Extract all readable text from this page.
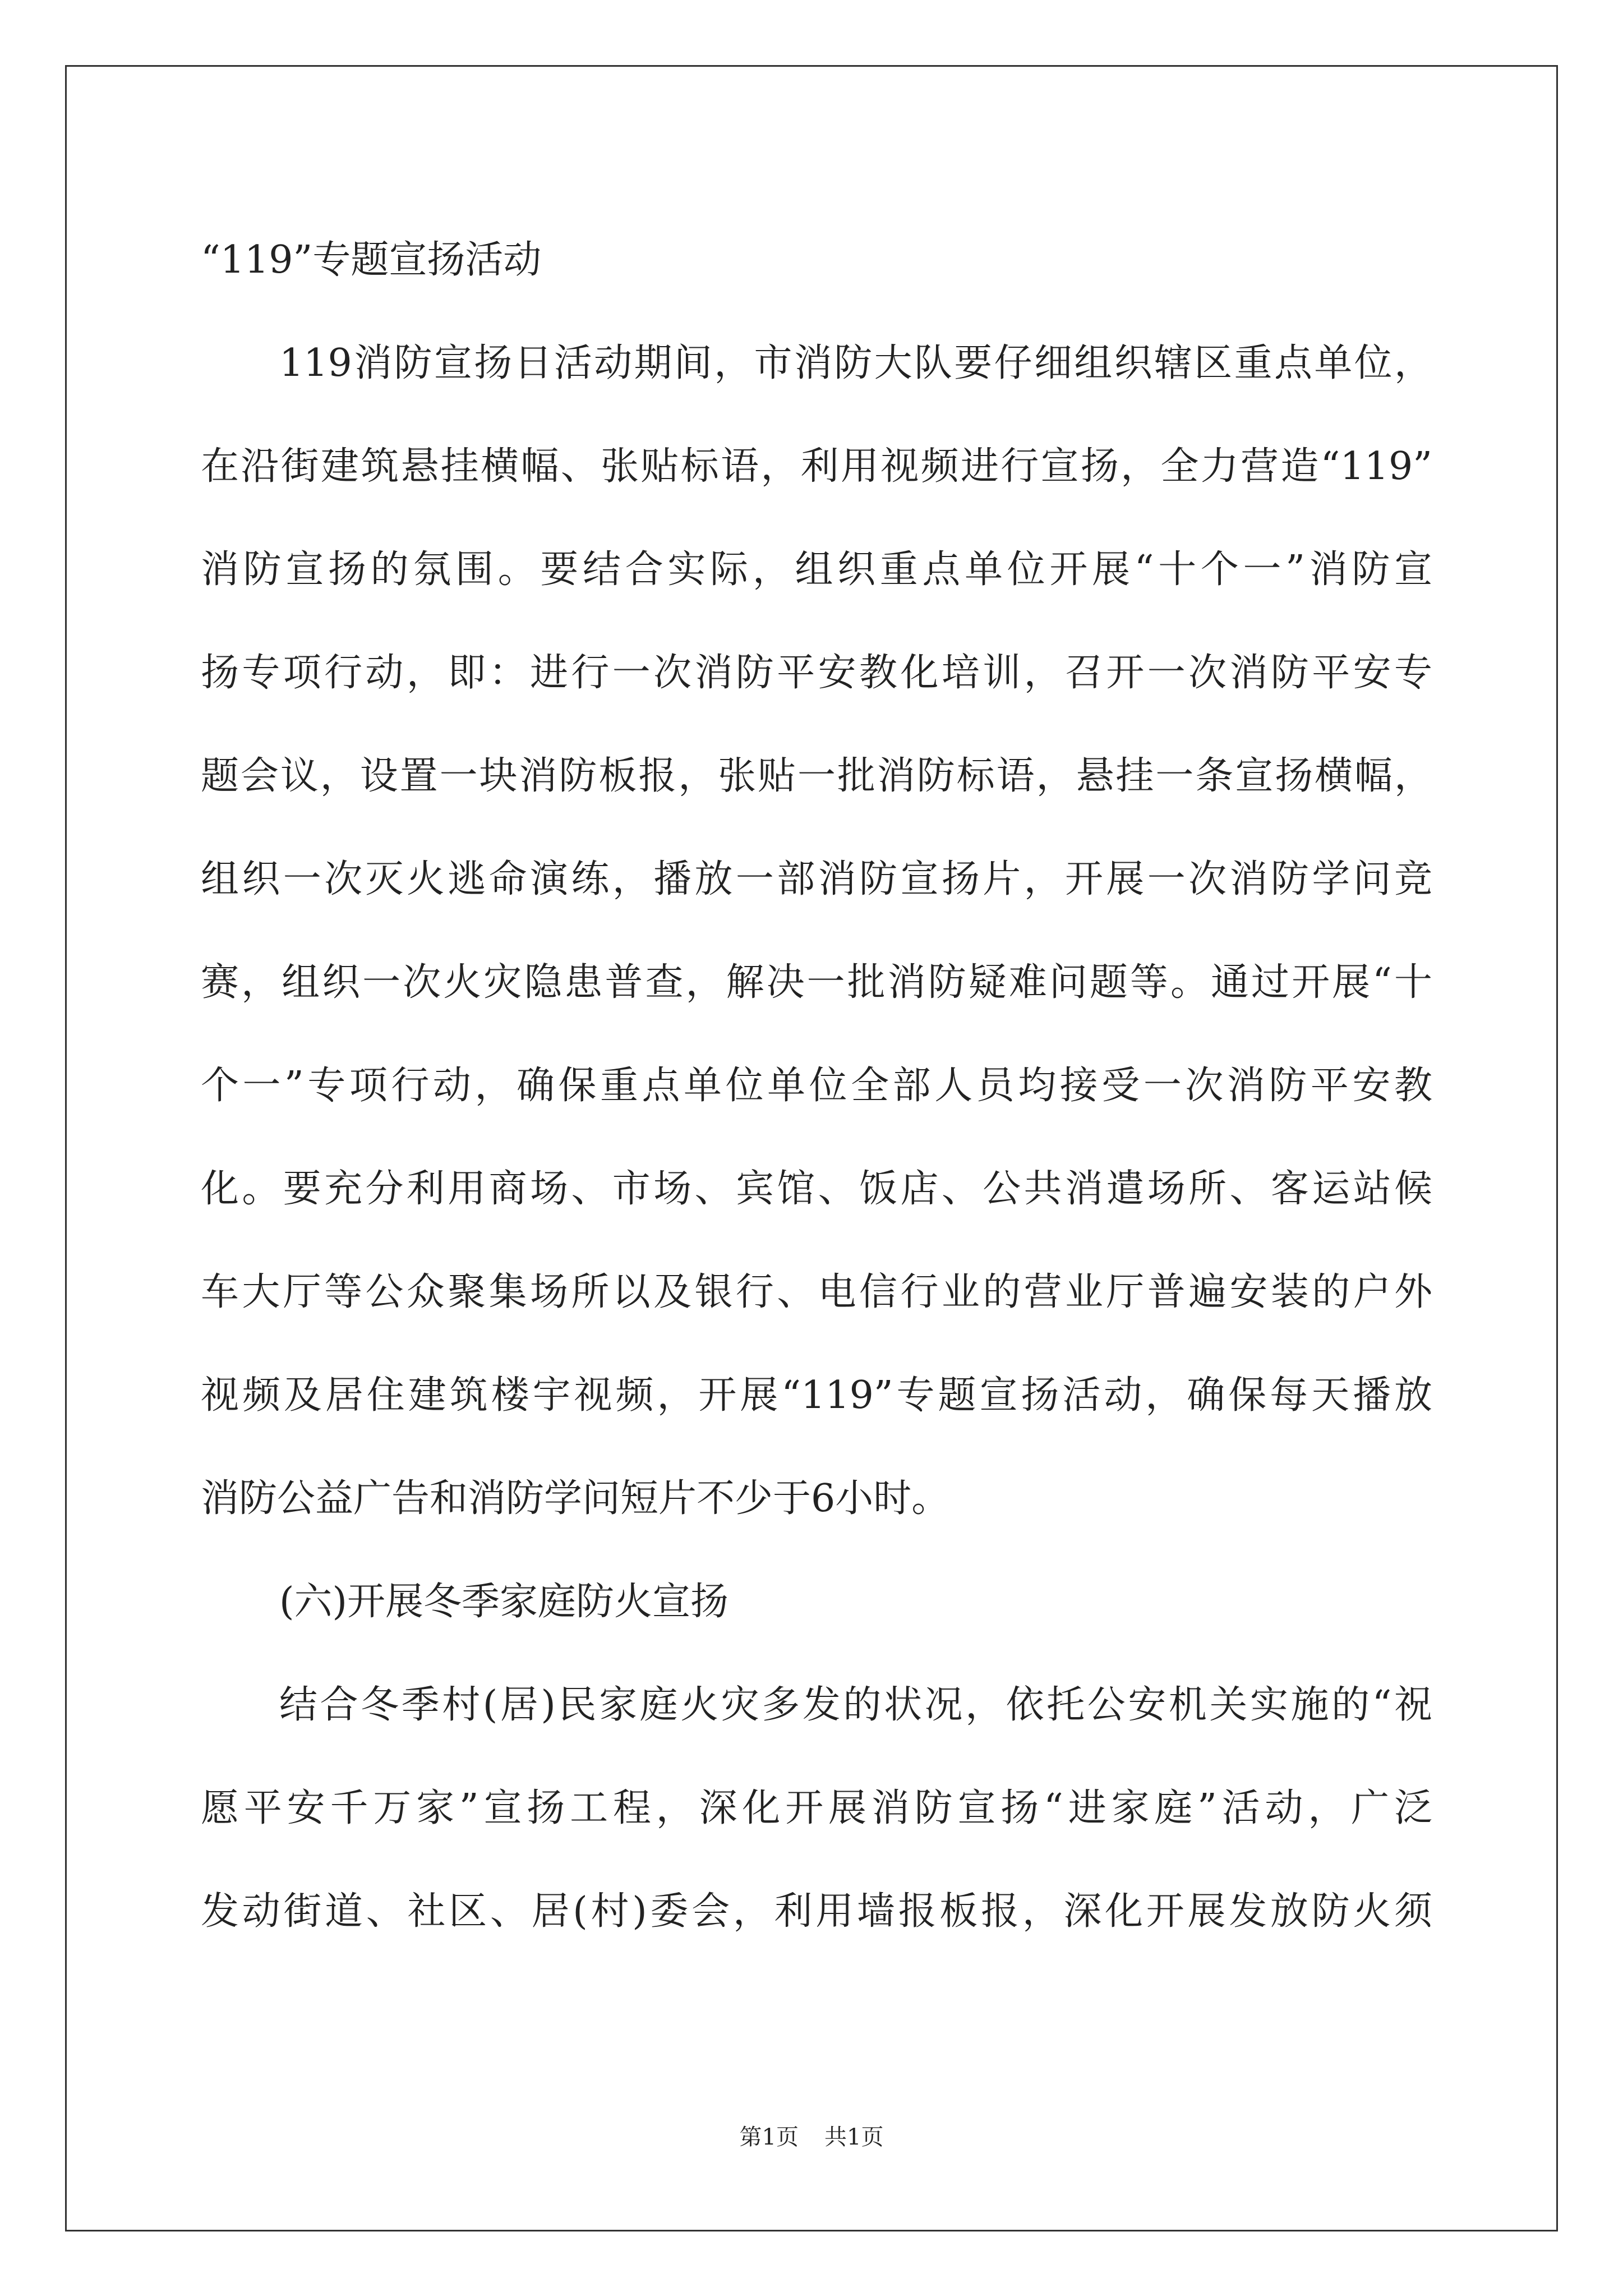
“119”专题宣扬活动
119消防宣扬日活动期间，市消防大队要仔细组织辖区重点单位，
在沿街建筑悬挂横幅、张贴标语，利用视频进行宣扬，全力营造“119”
消防宣扬的氛围。要结合实际，组织重点单位开展“十个一”消防宣
扬专项行动，即：进行一次消防平安教化培训，召开一次消防平安专
题会议，设置一块消防板报，张贴一批消防标语，悬挂一条宣扬横幅，
组织一次灭火逃命演练，播放一部消防宣扬片，开展一次消防学问竞
赛，组织一次火灾隐患普查，解决一批消防疑难问题等。通过开展“十
个一”专项行动，确保重点单位单位全部人员均接受一次消防平安教
化。要充分利用商场、市场、宾馆、饭店、公共消遣场所、客运站候
车大厅等公众聚集场所以及银行、电信行业的营业厅普遍安装的户外
视频及居住建筑楼宇视频，开展“119”专题宣扬活动，确保每天播放
消防公益广告和消防学问短片不少于6小时。
(六)开展冬季家庭防火宣扬
结合冬季村(居)民家庭火灾多发的状况，依托公安机关实施的“祝
愿平安千万家”宣扬工程，深化开展消防宣扬“进家庭”活动，广泛
发动街道、社区、居(村)委会，利用墙报板报，深化开展发放防火须
第1页 共1页
